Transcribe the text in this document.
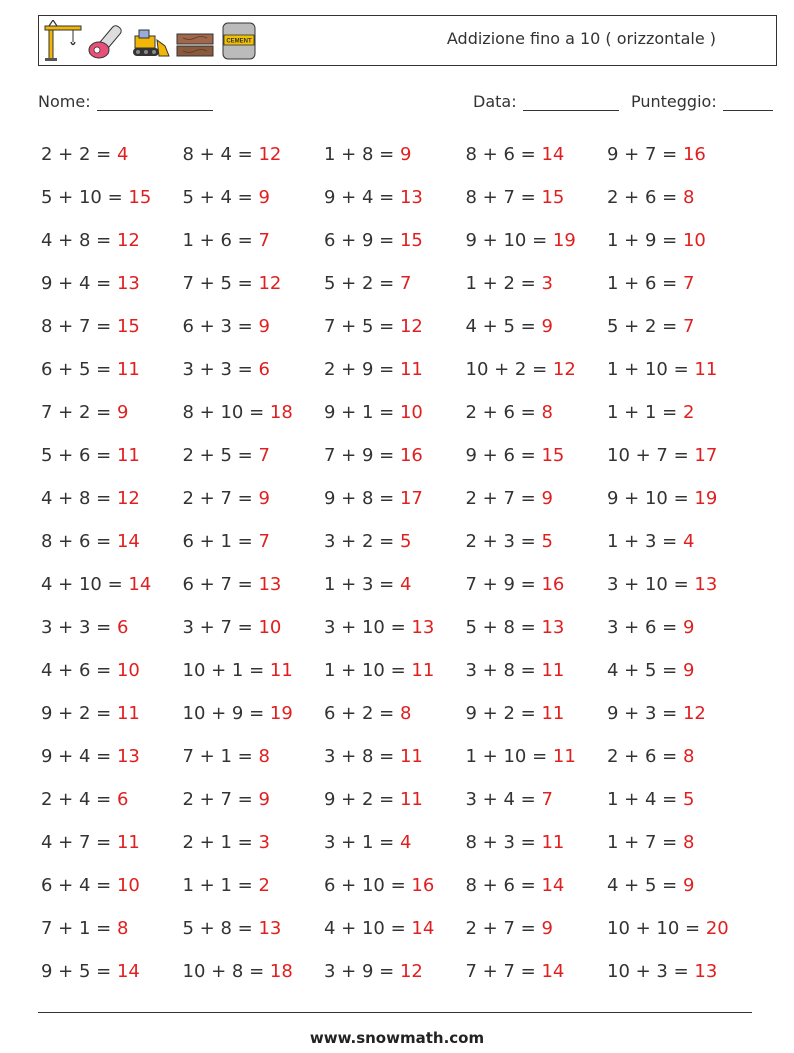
CEMENT	Addizione fino a 10 ( orizzontale )
Nome:	Data:	Punteggio:
2 + 2 = 4	8 + 4 = 12	1 + 8 = 9	8 + 6 = 14	9 + 7 = 16
5 + 10 = 15	5 + 4 = 9	9 + 4 = 13	8 + 7 = 15	2 + 6 = 8
4 + 8 = 12	1 + 6 = 7	6 + 9 = 15	9 + 10 = 19	1 + 9 = 10
9 + 4 = 13	7 + 5 = 12	5 + 2 = 7	1 + 2 = 3	1 + 6 = 7
8 + 7 = 15	6 + 3 = 9	7 + 5 = 12	4 + 5 = 9	5 + 2 = 7
6 + 5 = 11	3 + 3 = 6	2 + 9 = 11	10 + 2 = 12	1 + 10 = 11
7 + 2 = 9	8 + 10 = 18	9 + 1 = 10	2 + 6 = 8	1 + 1 = 2
5 + 6 = 11	2 + 5 = 7	7 + 9 = 16	9 + 6 = 15	10 + 7 = 17
4 + 8 = 12	2 + 7 = 9	9 + 8 = 17	2 + 7 = 9	9 + 10 = 19
8 + 6 = 14	6 + 1 = 7	3 + 2 = 5	2 + 3 = 5	1 + 3 = 4
4 + 10 = 14	6 + 7 = 13	1 + 3 = 4	7 + 9 = 16	3 + 10 = 13
3 + 3 = 6	3 + 7 = 10	3 + 10 = 13	5 + 8 = 13	3 + 6 = 9
4 + 6 = 10	10 + 1 = 11	1 + 10 = 11	3 + 8 = 11	4 + 5 = 9
9 + 2 = 11	10 + 9 = 19	6 + 2 = 8	9 + 2 = 11	9 + 3 = 12
9 + 4 = 13	7 + 1 = 8	3 + 8 = 11	1 + 10 = 11	2 + 6 = 8
2 + 4 = 6	2 + 7 = 9	9 + 2 = 11	3 + 4 = 7	1 + 4 = 5
4 + 7 = 11	2 + 1 = 3	3 + 1 = 4	8 + 3 = 11	1 + 7 = 8
6 + 4 = 10	1 + 1 = 2	6 + 10 = 16	8 + 6 = 14	4 + 5 = 9
7 + 1 = 8	5 + 8 = 13	4 + 10 = 14	2 + 7 = 9	10 + 10 = 20
9 + 5 = 14	10 + 8 = 18	3 + 9 = 12	7 + 7 = 14	10 + 3 = 13
www.snowmath.com
